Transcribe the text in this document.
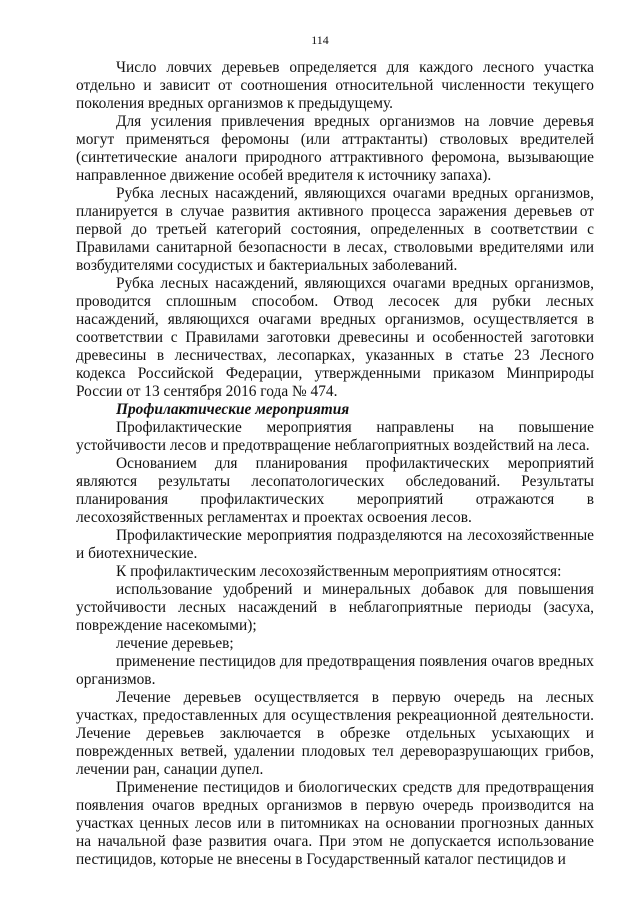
114

Число ловчих деревьев определяется для каждого лесного участка отдельно и зависит от соотношения относительной численности текущего поколения вредных организмов к предыдущему.

Для усиления привлечения вредных организмов на ловчие деревья могут применяться феромоны (или аттрактанты) стволовых вредителей (синтетические аналоги природного аттрактивного феромона, вызывающие направленное движение особей вредителя к источнику запаха).

Рубка лесных насаждений, являющихся очагами вредных организмов, планируется в случае развития активного процесса заражения деревьев от первой до третьей категорий состояния, определенных в соответствии с Правилами санитарной безопасности в лесах, стволовыми вредителями или возбудителями сосудистых и бактериальных заболеваний.

Рубка лесных насаждений, являющихся очагами вредных организмов, проводится сплошным способом. Отвод лесосек для рубки лесных насаждений, являющихся очагами вредных организмов, осуществляется в соответствии с Правилами заготовки древесины и особенностей заготовки древесины в лесничествах, лесопарках, указанных в статье 23 Лесного кодекса Российской Федерации, утвержденными приказом Минприроды России от 13 сентября 2016 года № 474.

Профилактические мероприятия

Профилактические мероприятия направлены на повышение устойчивости лесов и предотвращение неблагоприятных воздействий на леса.

Основанием для планирования профилактических мероприятий являются результаты лесопатологических обследований. Результаты планирования профилактических мероприятий отражаются в лесохозяйственных регламентах и проектах освоения лесов.

Профилактические мероприятия подразделяются на лесохозяйственные и биотехнические.

К профилактическим лесохозяйственным мероприятиям относятся:

использование удобрений и минеральных добавок для повышения устойчивости лесных насаждений в неблагоприятные периоды (засуха, повреждение насекомыми);

лечение деревьев;

применение пестицидов для предотвращения появления очагов вредных организмов.

Лечение деревьев осуществляется в первую очередь на лесных участках, предоставленных для осуществления рекреационной деятельности. Лечение деревьев заключается в обрезке отдельных усыхающих и поврежденных ветвей, удалении плодовых тел дереворазрушающих грибов, лечении ран, санации дупел.

Применение пестицидов и биологических средств для предотвращения появления очагов вредных организмов в первую очередь производится на участках ценных лесов или в питомниках на основании прогнозных данных на начальной фазе развития очага. При этом не допускается использование пестицидов, которые не внесены в Государственный каталог пестицидов и
